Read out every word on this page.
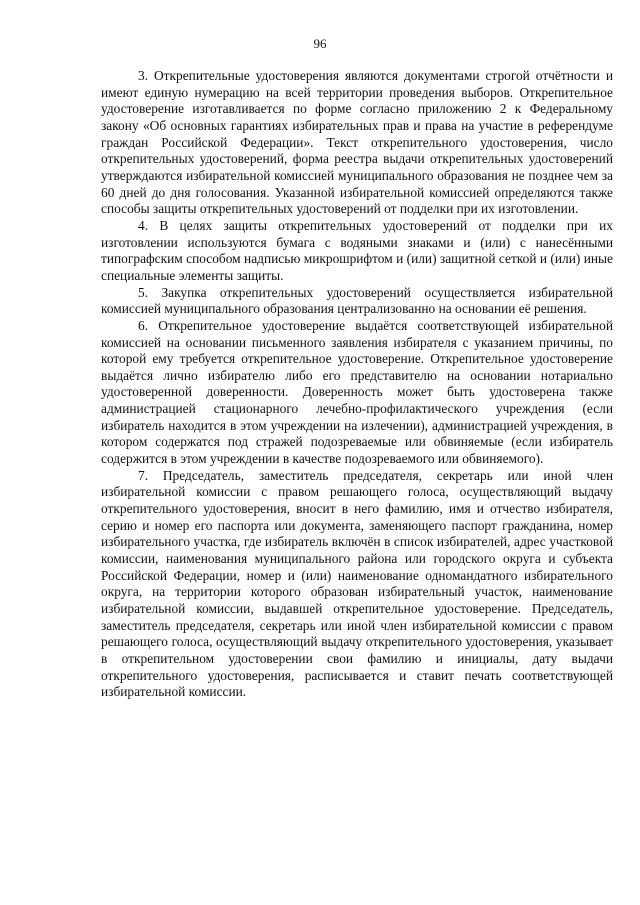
96

3. Открепительные удостоверения являются документами строгой отчётности и имеют единую нумерацию на всей территории проведения выборов. Открепительное удостоверение изготавливается по форме согласно приложению 2 к Федеральному закону «Об основных гарантиях избирательных прав и права на участие в референдуме граждан Российской Федерации». Текст открепительного удостоверения, число открепительных удостоверений, форма реестра выдачи открепительных удостоверений утверждаются избирательной комиссией муниципального образования не позднее чем за 60 дней до дня голосования. Указанной избирательной комиссией определяются также способы защиты открепительных удостоверений от подделки при их изготовлении.

4. В целях защиты открепительных удостоверений от подделки при их изготовлении используются бумага с водяными знаками и (или) с нанесёнными типографским способом надписью микрошрифтом и (или) защитной сеткой и (или) иные специальные элементы защиты.

5. Закупка открепительных удостоверений осуществляется избирательной комиссией муниципального образования централизованно на основании её решения.

6. Открепительное удостоверение выдаётся соответствующей избирательной комиссией на основании письменного заявления избирателя с указанием причины, по которой ему требуется открепительное удостоверение. Открепительное удостоверение выдаётся лично избирателю либо его представителю на основании нотариально удостоверенной доверенности. Доверенность может быть удостоверена также администрацией стационарного лечебно-профилактического учреждения (если избиратель находится в этом учреждении на излечении), администрацией учреждения, в котором содержатся под стражей подозреваемые или обвиняемые (если избиратель содержится в этом учреждении в качестве подозреваемого или обвиняемого).

7. Председатель, заместитель председателя, секретарь или иной член избирательной комиссии с правом решающего голоса, осуществляющий выдачу открепительного удостоверения, вносит в него фамилию, имя и отчество избирателя, серию и номер его паспорта или документа, заменяющего паспорт гражданина, номер избирательного участка, где избиратель включён в список избирателей, адрес участковой комиссии, наименования муниципального района или городского округа и субъекта Российской Федерации, номер и (или) наименование одномандатного избирательного округа, на территории которого образован избирательный участок, наименование избирательной комиссии, выдавшей открепительное удостоверение. Председатель, заместитель председателя, секретарь или иной член избирательной комиссии с правом решающего голоса, осуществляющий выдачу открепительного удостоверения, указывает в открепительном удостоверении свои фамилию и инициалы, дату выдачи открепительного удостоверения, расписывается и ставит печать соответствующей избирательной комиссии.
